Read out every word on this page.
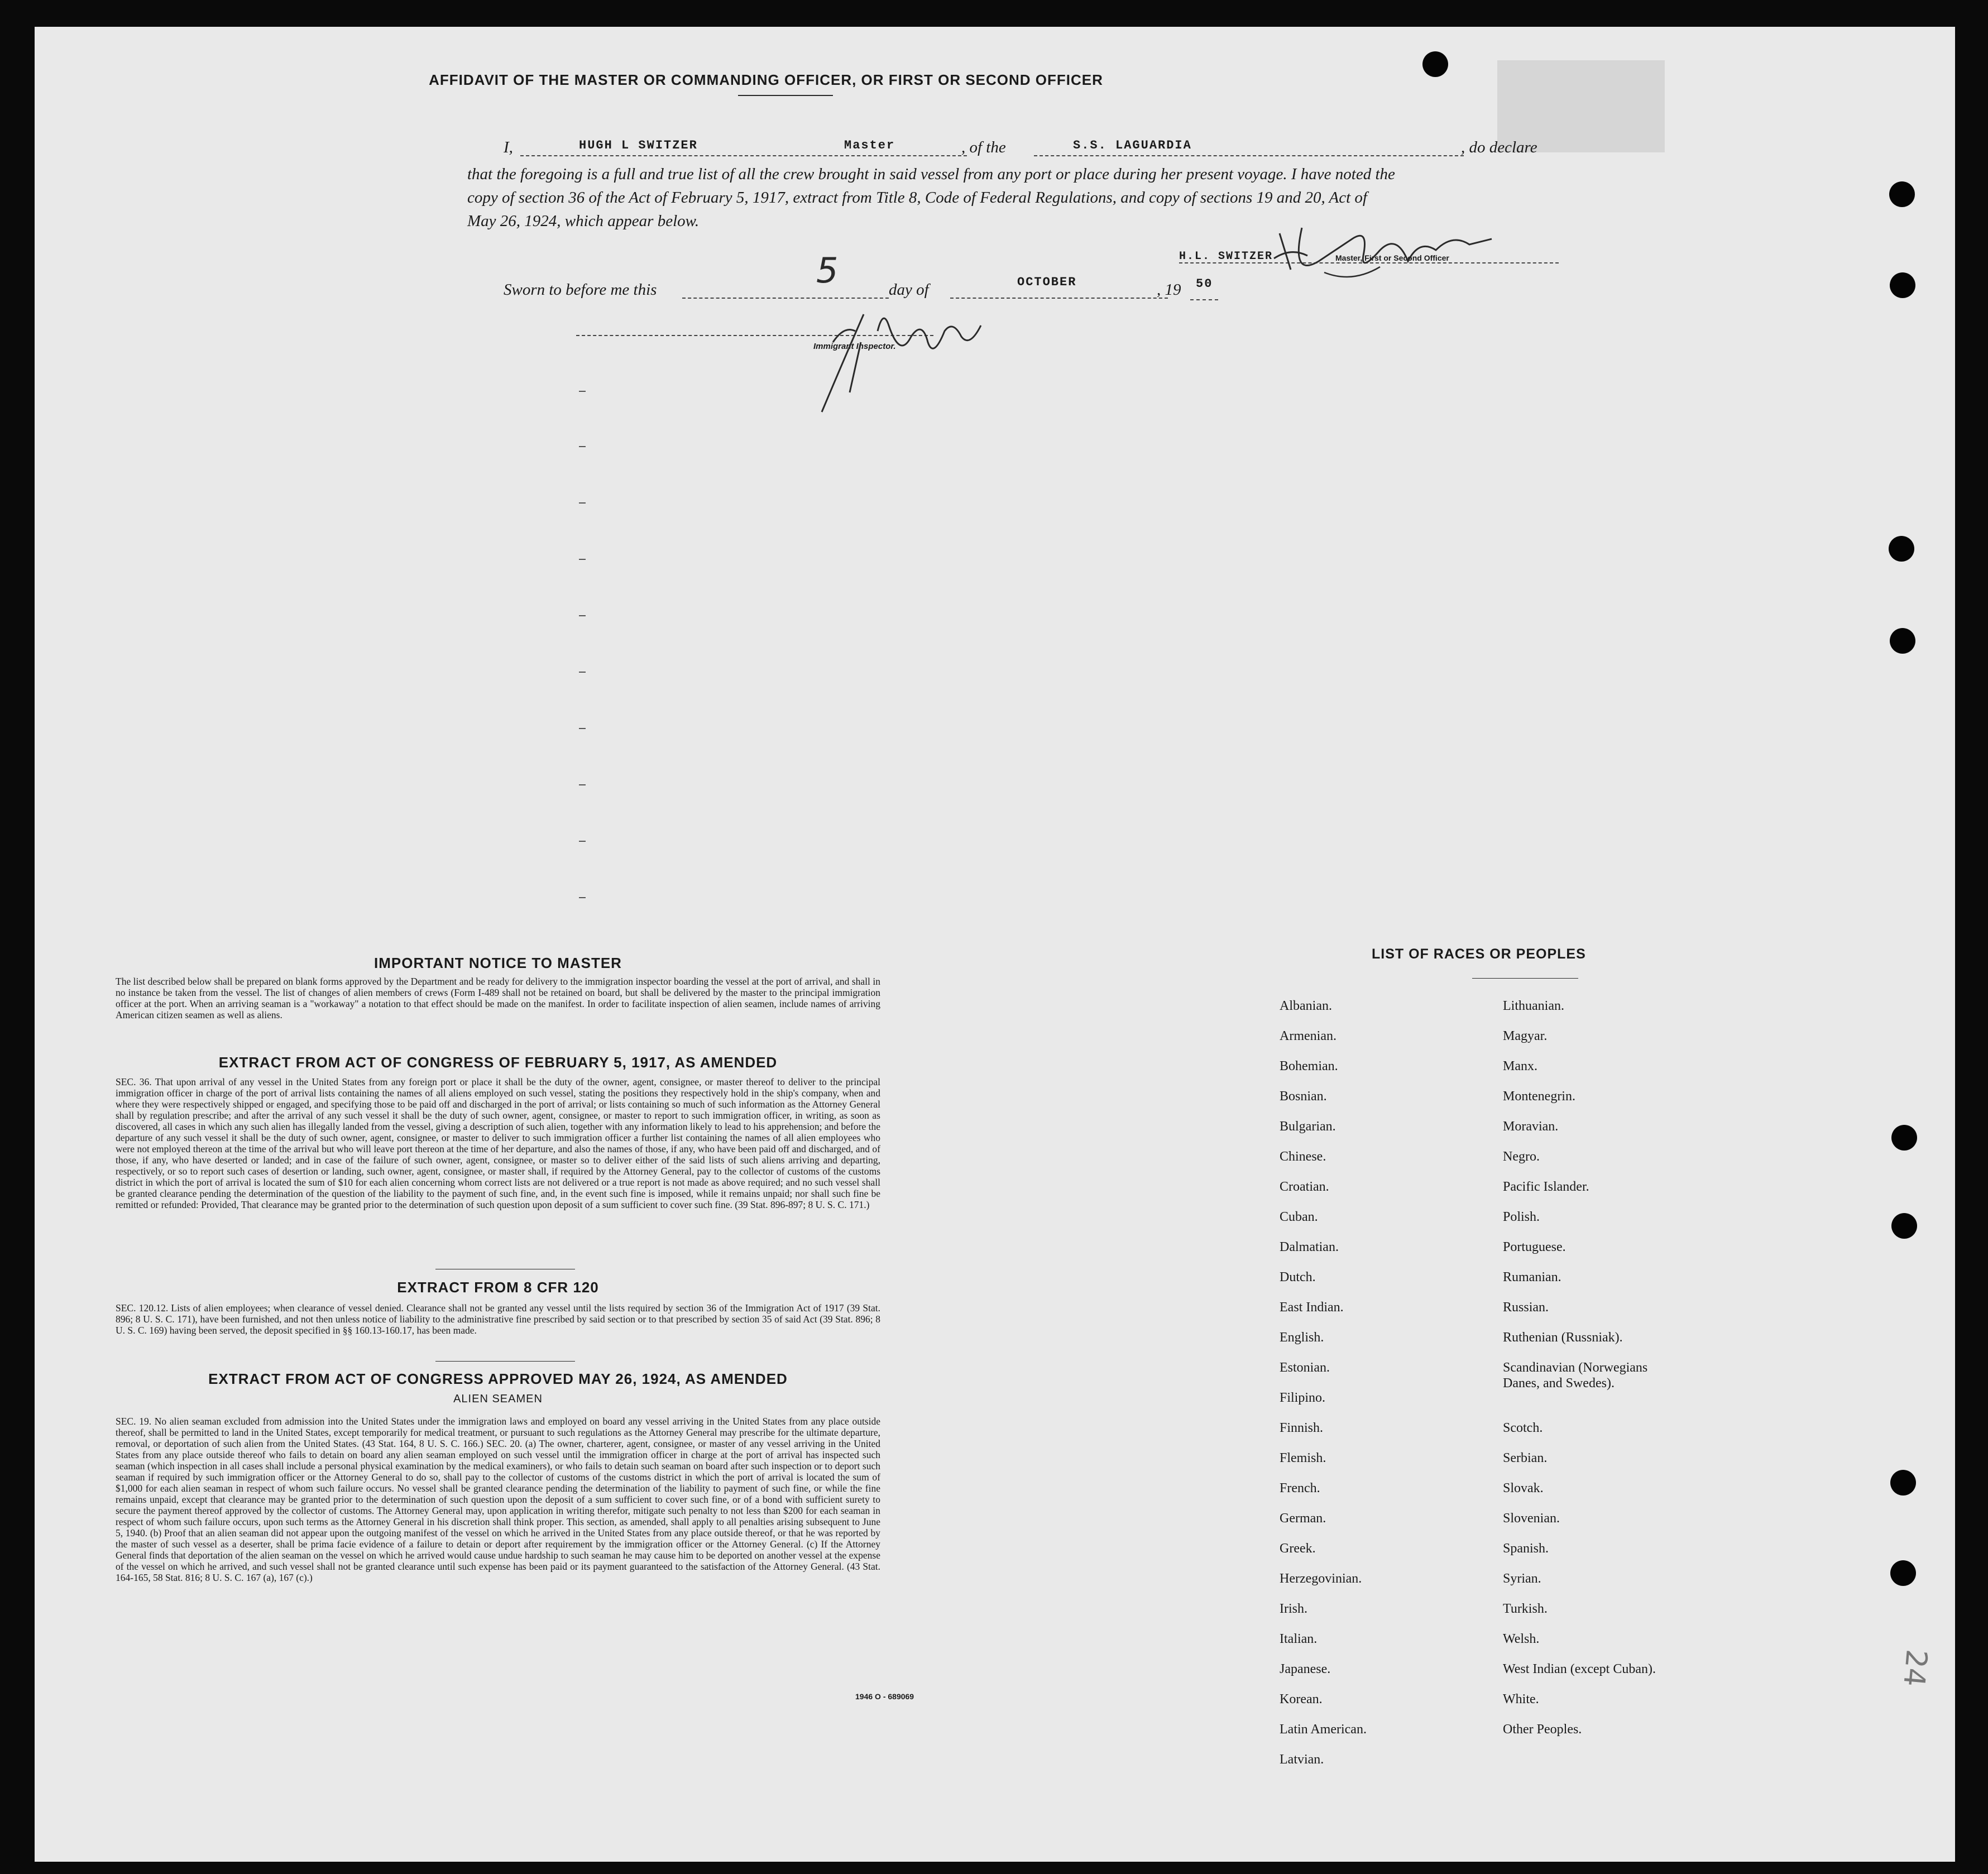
AFFIDAVIT OF THE MASTER OR COMMANDING OFFICER, OR FIRST OR SECOND OFFICER
I,	HUGH L SWITZER	Master	, of the	S.S. LAGUARDIA	, do declare
that the foregoing is a full and true list of all the crew brought in said vessel from any port or place during her present voyage. I have noted the
copy of section 36 of the Act of February 5, 1917, extract from Title 8, Code of Federal Regulations, and copy of sections 19 and 20, Act of
May 26, 1924, which appear below.
H.L. SWITZER	Master, First or Second Officer
Sworn to before me this	5	day of	OCTOBER	, 19 50
Immigrant Inspector.
IMPORTANT NOTICE TO MASTER
The list described below shall be prepared on blank forms approved by the Department and be ready for delivery to the immigration inspector boarding the vessel at the port of arrival, and shall in no instance be taken from the vessel. The list of changes of alien members of crews (Form I-489 shall not be retained on board, but shall be delivered by the master to the principal immigration officer at the port. When an arriving seaman is a "workaway" a notation to that effect should be made on the manifest. In order to facilitate inspection of alien seamen, include names of arriving American citizen seamen as well as aliens.
EXTRACT FROM ACT OF CONGRESS OF FEBRUARY 5, 1917, AS AMENDED
SEC. 36. That upon arrival of any vessel in the United States from any foreign port or place it shall be the duty of the owner, agent, consignee, or master thereof to deliver to the principal immigration officer in charge of the port of arrival lists containing the names of all aliens employed on such vessel, stating the positions they respectively hold in the ship's company, when and where they were respectively shipped or engaged, and specifying those to be paid off and discharged in the port of arrival; or lists containing so much of such information as the Attorney General shall by regulation prescribe; and after the arrival of any such vessel it shall be the duty of such owner, agent, consignee, or master to report to such immigration officer, in writing, as soon as discovered, all cases in which any such alien has illegally landed from the vessel, giving a description of such alien, together with any information likely to lead to his apprehension; and before the departure of any such vessel it shall be the duty of such owner, agent, consignee, or master to deliver to such immigration officer a further list containing the names of all alien employees who were not employed thereon at the time of the arrival but who will leave port thereon at the time of her departure, and also the names of those, if any, who have been paid off and discharged, and of those, if any, who have deserted or landed; and in case of the failure of such owner, agent, consignee, or master so to deliver either of the said lists of such aliens arriving and departing, respectively, or so to report such cases of desertion or landing, such owner, agent, consignee, or master shall, if required by the Attorney General, pay to the collector of customs of the customs district in which the port of arrival is located the sum of $10 for each alien concerning whom correct lists are not delivered or a true report is not made as above required; and no such vessel shall be granted clearance pending the determination of the question of the liability to the payment of such fine, and, in the event such fine is imposed, while it remains unpaid; nor shall such fine be remitted or refunded: Provided, That clearance may be granted prior to the determination of such question upon deposit of a sum sufficient to cover such fine. (39 Stat. 896-897; 8 U. S. C. 171.)
EXTRACT FROM 8 CFR 120
SEC. 120.12. Lists of alien employees; when clearance of vessel denied. Clearance shall not be granted any vessel until the lists required by section 36 of the Immigration Act of 1917 (39 Stat. 896; 8 U. S. C. 171), have been furnished, and not then unless notice of liability to the administrative fine prescribed by said section or to that prescribed by section 35 of said Act (39 Stat. 896; 8 U. S. C. 169) having been served, the deposit specified in §§ 160.13-160.17, has been made.
EXTRACT FROM ACT OF CONGRESS APPROVED MAY 26, 1924, AS AMENDED
ALIEN SEAMEN
SEC. 19. No alien seaman excluded from admission into the United States under the immigration laws and employed on board any vessel arriving in the United States from any place outside thereof, shall be permitted to land in the United States, except temporarily for medical treatment, or pursuant to such regulations as the Attorney General may prescribe for the ultimate departure, removal, or deportation of such alien from the United States. (43 Stat. 164, 8 U. S. C. 166.) SEC. 20. (a) The owner, charterer, agent, consignee, or master of any vessel arriving in the United States from any place outside thereof who fails to detain on board any alien seaman employed on such vessel until the immigration officer in charge at the port of arrival has inspected such seaman (which inspection in all cases shall include a personal physical examination by the medical examiners), or who fails to detain such seaman on board after such inspection or to deport such seaman if required by such immigration officer or the Attorney General to do so, shall pay to the collector of customs of the customs district in which the port of arrival is located the sum of $1,000 for each alien seaman in respect of whom such failure occurs. No vessel shall be granted clearance pending the determination of the liability to payment of such fine, or while the fine remains unpaid, except that clearance may be granted prior to the determination of such question upon the deposit of a sum sufficient to cover such fine, or of a bond with sufficient surety to secure the payment thereof approved by the collector of customs. The Attorney General may, upon application in writing therefor, mitigate such penalty to not less than $200 for each seaman in respect of whom such failure occurs, upon such terms as the Attorney General in his discretion shall think proper. This section, as amended, shall apply to all penalties arising subsequent to June 5, 1940. (b) Proof that an alien seaman did not appear upon the outgoing manifest of the vessel on which he arrived in the United States from any place outside thereof, or that he was reported by the master of such vessel as a deserter, shall be prima facie evidence of a failure to detain or deport after requirement by the immigration officer or the Attorney General. (c) If the Attorney General finds that deportation of the alien seaman on the vessel on which he arrived would cause undue hardship to such seaman he may cause him to be deported on another vessel at the expense of the vessel on which he arrived, and such vessel shall not be granted clearance until such expense has been paid or its payment guaranteed to the satisfaction of the Attorney General. (43 Stat. 164-165, 58 Stat. 816; 8 U. S. C. 167 (a), 167 (c).)
1946 O - 689069
LIST OF RACES OR PEOPLES
Albanian.
Armenian.
Bohemian.
Bosnian.
Bulgarian.
Chinese.
Croatian.
Cuban.
Dalmatian.
Dutch.
East Indian.
English.
Estonian.
Filipino.
Finnish.
Flemish.
French.
German.
Greek.
Herzegovinian.
Irish.
Italian.
Japanese.
Korean.
Latin American.
Latvian.
Lithuanian.
Magyar.
Manx.
Montenegrin.
Moravian.
Negro.
Pacific Islander.
Polish.
Portuguese.
Rumanian.
Russian.
Ruthenian (Russniak).
Scandinavian (Norwegians Danes, and Swedes).
Scotch.
Serbian.
Slovak.
Slovenian.
Spanish.
Syrian.
Turkish.
Welsh.
West Indian (except Cuban).
White.
Other Peoples.
24
